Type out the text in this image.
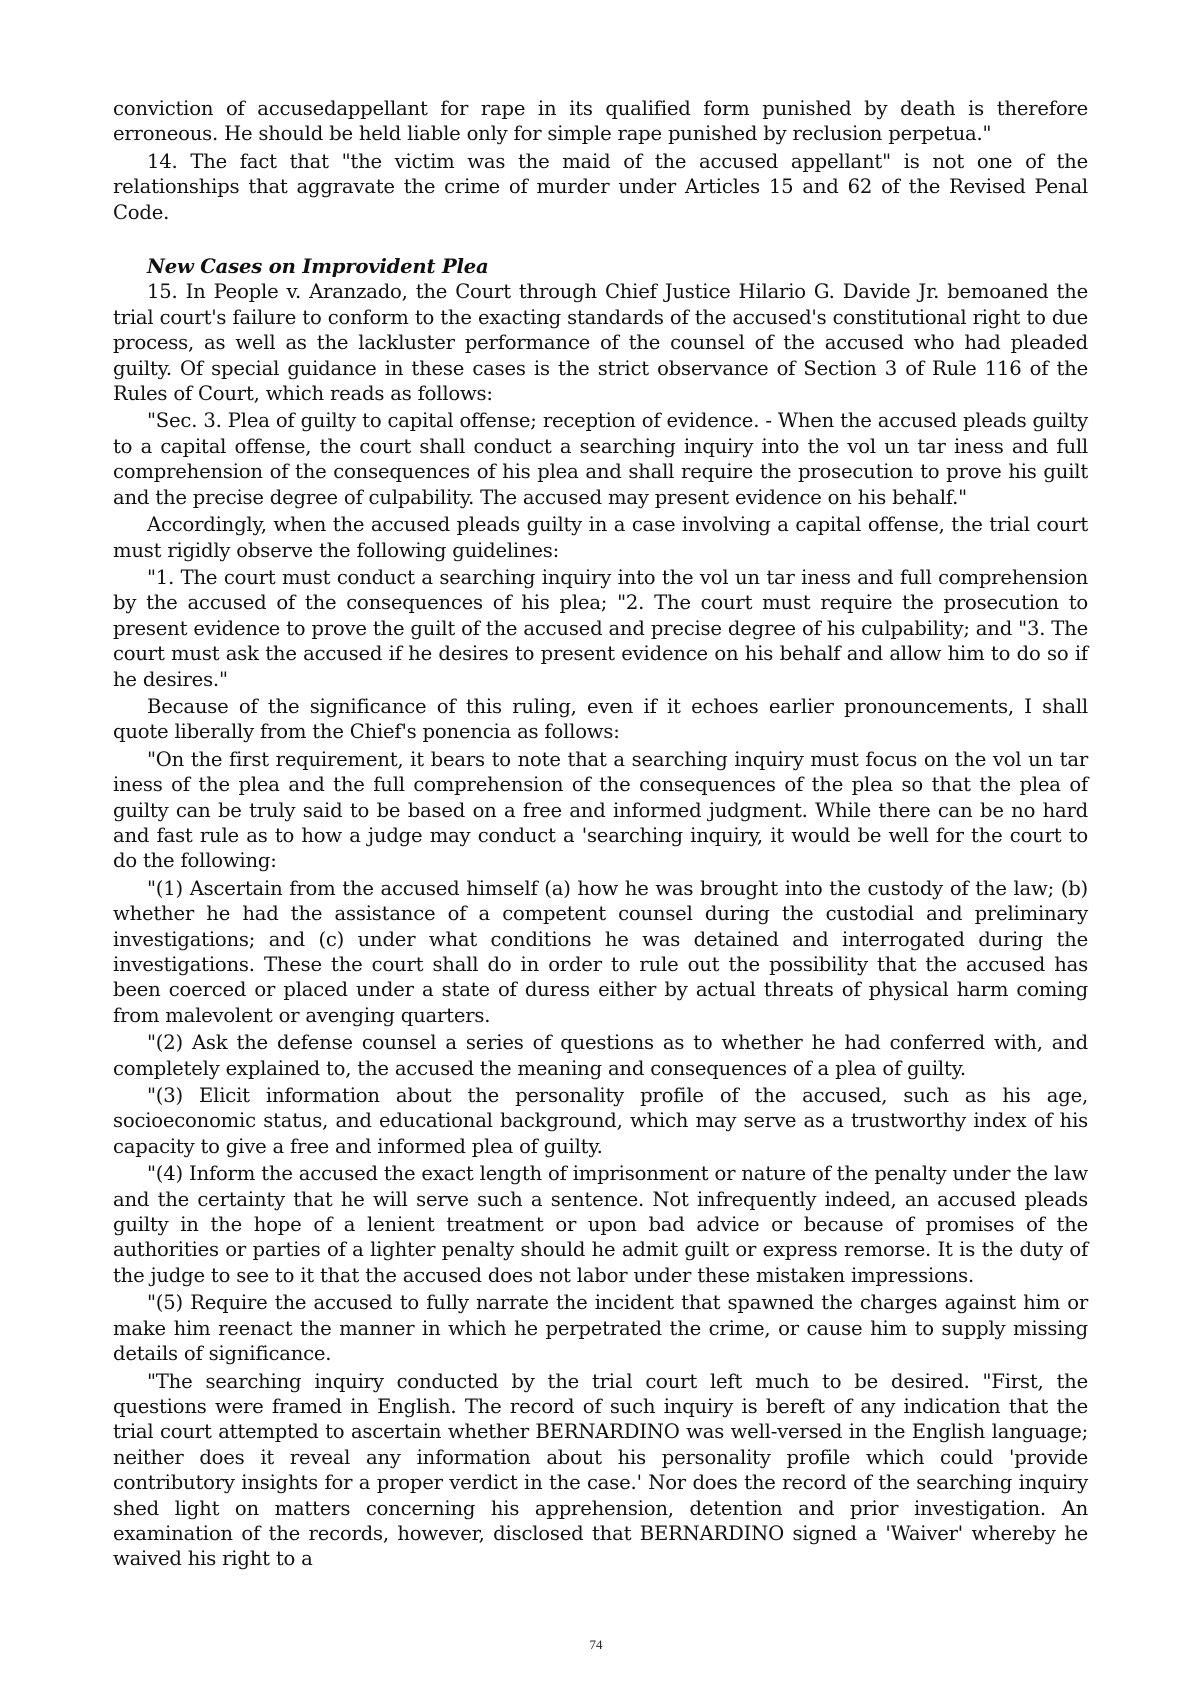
conviction of accusedappellant for rape in its qualified form punished by death is therefore erroneous. He should be held liable only for simple rape punished by reclusion perpetua."

14. The fact that "the victim was the maid of the accused appellant" is not one of the relationships that aggravate the crime of murder under Articles 15 and 62 of the Revised Penal Code.

New Cases on Improvident Plea

15. In People v. Aranzado, the Court through Chief Justice Hilario G. Davide Jr. bemoaned the trial court's failure to conform to the exacting standards of the accused's constitutional right to due process, as well as the lackluster performance of the counsel of the accused who had pleaded guilty. Of special guidance in these cases is the strict observance of Section 3 of Rule 116 of the Rules of Court, which reads as follows:

"Sec. 3. Plea of guilty to capital offense; reception of evidence. - When the accused pleads guilty to a capital offense, the court shall conduct a searching inquiry into the vol un tar iness and full comprehension of the consequences of his plea and shall require the prosecution to prove his guilt and the precise degree of culpability. The accused may present evidence on his behalf."

Accordingly, when the accused pleads guilty in a case involving a capital offense, the trial court must rigidly observe the following guidelines:

"1. The court must conduct a searching inquiry into the vol un tar iness and full comprehension by the accused of the consequences of his plea; "2. The court must require the prosecution to present evidence to prove the guilt of the accused and precise degree of his culpability; and "3. The court must ask the accused if he desires to present evidence on his behalf and allow him to do so if he desires."

Because of the significance of this ruling, even if it echoes earlier pronouncements, I shall quote liberally from the Chief's ponencia as follows:

"On the first requirement, it bears to note that a searching inquiry must focus on the vol un tar iness of the plea and the full comprehension of the consequences of the plea so that the plea of guilty can be truly said to be based on a free and informed judgment. While there can be no hard and fast rule as to how a judge may conduct a 'searching inquiry, it would be well for the court to do the following:

"(1) Ascertain from the accused himself (a) how he was brought into the custody of the law; (b) whether he had the assistance of a competent counsel during the custodial and preliminary investigations; and (c) under what conditions he was detained and interrogated during the investigations. These the court shall do in order to rule out the possibility that the accused has been coerced or placed under a state of duress either by actual threats of physical harm coming from malevolent or avenging quarters.

"(2) Ask the defense counsel a series of questions as to whether he had conferred with, and completely explained to, the accused the meaning and consequences of a plea of guilty.

"(3) Elicit information about the personality profile of the accused, such as his age, socioeconomic status, and educational background, which may serve as a trustworthy index of his capacity to give a free and informed plea of guilty.

"(4) Inform the accused the exact length of imprisonment or nature of the penalty under the law and the certainty that he will serve such a sentence. Not infrequently indeed, an accused pleads guilty in the hope of a lenient treatment or upon bad advice or because of promises of the authorities or parties of a lighter penalty should he admit guilt or express remorse. It is the duty of the judge to see to it that the accused does not labor under these mistaken impressions.

"(5) Require the accused to fully narrate the incident that spawned the charges against him or make him reenact the manner in which he perpetrated the crime, or cause him to supply missing details of significance.

"The searching inquiry conducted by the trial court left much to be desired. "First, the questions were framed in English. The record of such inquiry is bereft of any indication that the trial court attempted to ascertain whether BERNARDINO was well-versed in the English language; neither does it reveal any information about his personality profile which could 'provide contributory insights for a proper verdict in the case.' Nor does the record of the searching inquiry shed light on matters concerning his apprehension, detention and prior investigation. An examination of the records, however, disclosed that BERNARDINO signed a 'Waiver' whereby he waived his right to a

74
